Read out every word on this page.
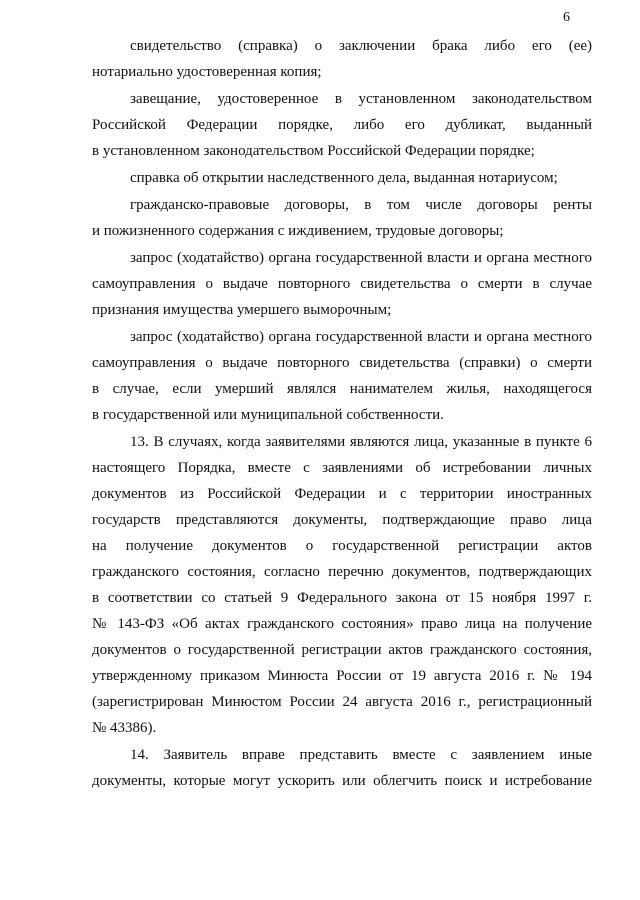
6
свидетельство (справка) о заключении брака либо его (ее)
нотариально удостоверенная копия;
завещание, удостоверенное в установленном законодательством
Российской Федерации порядке, либо его дубликат, выданный
в установленном законодательством Российской Федерации порядке;
справка об открытии наследственного дела, выданная нотариусом;
гражданско-правовые договоры, в том числе договоры ренты
и пожизненного содержания с иждивением, трудовые договоры;
запрос (ходатайство) органа государственной власти и органа местного
самоуправления о выдаче повторного свидетельства о смерти в случае
признания имущества умершего выморочным;
запрос (ходатайство) органа государственной власти и органа местного
самоуправления о выдаче повторного свидетельства (справки) о смерти
в случае, если умерший являлся нанимателем жилья, находящегося
в государственной или муниципальной собственности.
13. В случаях, когда заявителями являются лица, указанные в пункте 6
настоящего Порядка, вместе с заявлениями об истребовании личных
документов из Российской Федерации и с территории иностранных
государств представляются документы, подтверждающие право лица
на получение документов о государственной регистрации актов
гражданского состояния, согласно перечню документов, подтверждающих
в соответствии со статьей 9 Федерального закона от 15 ноября 1997 г.
№ 143-ФЗ «Об актах гражданского состояния» право лица на получение
документов о государственной регистрации актов гражданского состояния,
утвержденному приказом Минюста России от 19 августа 2016 г. № 194
(зарегистрирован Минюстом России 24 августа 2016 г., регистрационный
№ 43386).
14. Заявитель вправе представить вместе с заявлением иные
документы, которые могут ускорить или облегчить поиск и истребование
